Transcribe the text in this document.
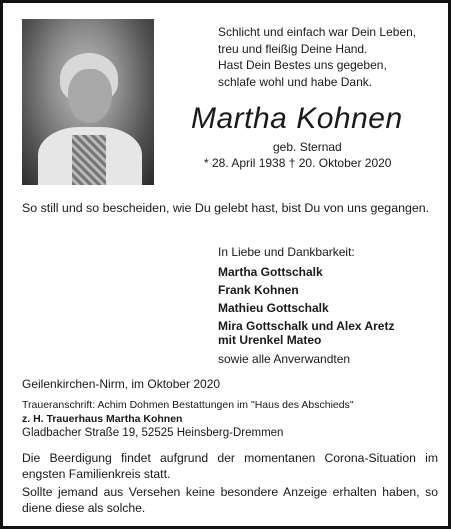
Schlicht und einfach war Dein Leben,
treu und fleißig Deine Hand.
Hast Dein Bestes uns gegeben,
schlafe wohl und habe Dank.
Martha Kohnen
geb. Sternad
* 28. April 1938 † 20. Oktober 2020
So still und so bescheiden, wie Du gelebt hast, bist Du von uns gegangen.
In Liebe und Dankbarkeit:
Martha Gottschalk
Frank Kohnen
Mathieu Gottschalk
Mira Gottschalk und Alex Aretz
mit Urenkel Mateo
sowie alle Anverwandten
Geilenkirchen-Nirm, im Oktober 2020
Traueranschrift: Achim Dohmen Bestattungen im "Haus des Abschieds"
z. H. Trauerhaus Martha Kohnen
Gladbacher Straße 19, 52525 Heinsberg-Dremmen

Die Beerdigung findet aufgrund der momentanen Corona-Situation im engsten Familienkreis statt.

Sollte jemand aus Versehen keine besondere Anzeige erhalten haben, so diene diese als solche.
